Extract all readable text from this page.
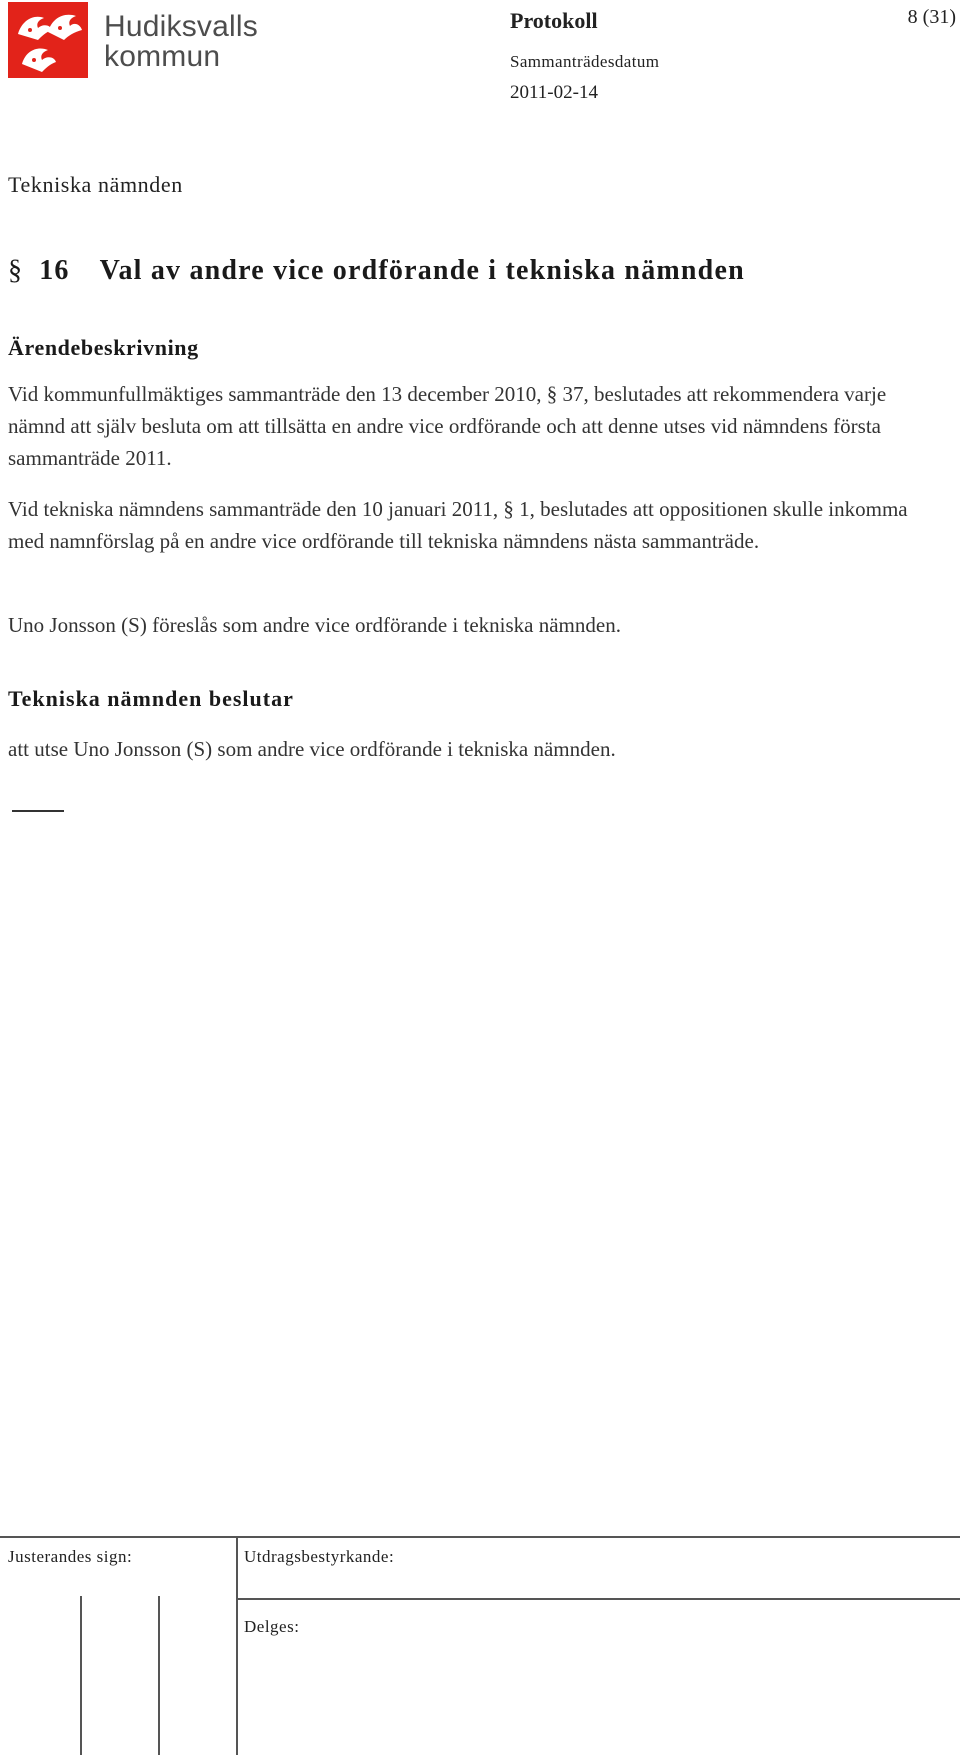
Hudiksvalls
kommun
Protokoll	8 (31)
Sammanträdesdatum
2011-02-14
Tekniska nämnden
§ 16 Val av andre vice ordförande i tekniska nämnden
Ärendebeskrivning
Vid kommunfullmäktiges sammanträde den 13 december 2010, § 37, beslutades att rekommendera varje nämnd att själv besluta om att tillsätta en andre vice ordförande och att denne utses vid nämndens första sammanträde 2011.
Vid tekniska nämndens sammanträde den 10 januari 2011, § 1, beslutades att oppositionen skulle inkomma med namnförslag på en andre vice ordförande till tekniska nämndens nästa sammanträde.
Uno Jonsson (S) föreslås som andre vice ordförande i tekniska nämnden.
Tekniska nämnden beslutar
att utse Uno Jonsson (S) som andre vice ordförande i tekniska nämnden.
Justerandes sign:	Utdragsbestyrkande:
Delges:
